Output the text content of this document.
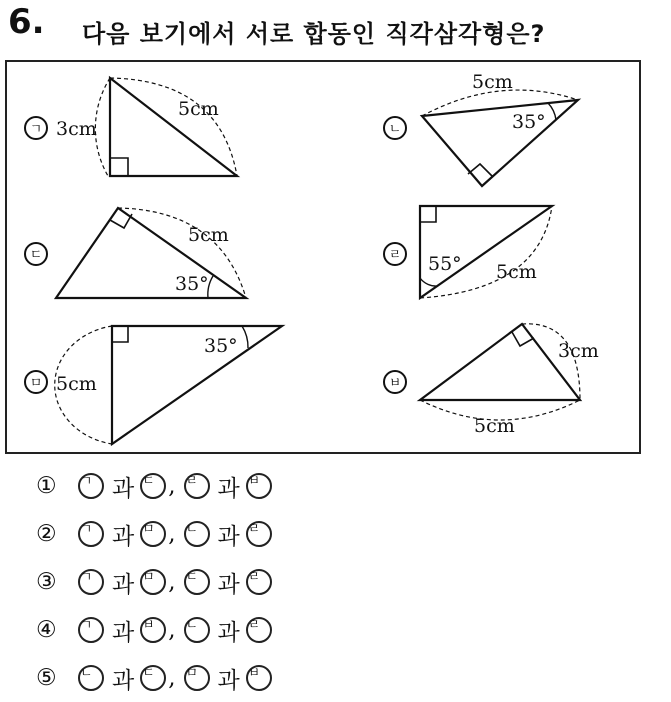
6. 다음 보기에서 서로 합동인 직각삼각형은?
ㄱ 3cm
5cm
ㄴ
5cm
35°
ㄷ
5cm
35°
ㄹ 55° 5cm
ㅁ 5cm
35°
ㅂ
3cm
5cm
①	ㄱ 과 ㄷ , ㄹ 과 ㅂ
②	ㄱ 과 ㅁ , ㄴ 과 ㄹ
③	ㄱ 과 ㅁ , ㄷ 과 ㄹ
④	ㄱ 과 ㅂ , ㄴ 과 ㄹ
⑤	ㄴ 과 ㄷ , ㅁ 과 ㅂ
